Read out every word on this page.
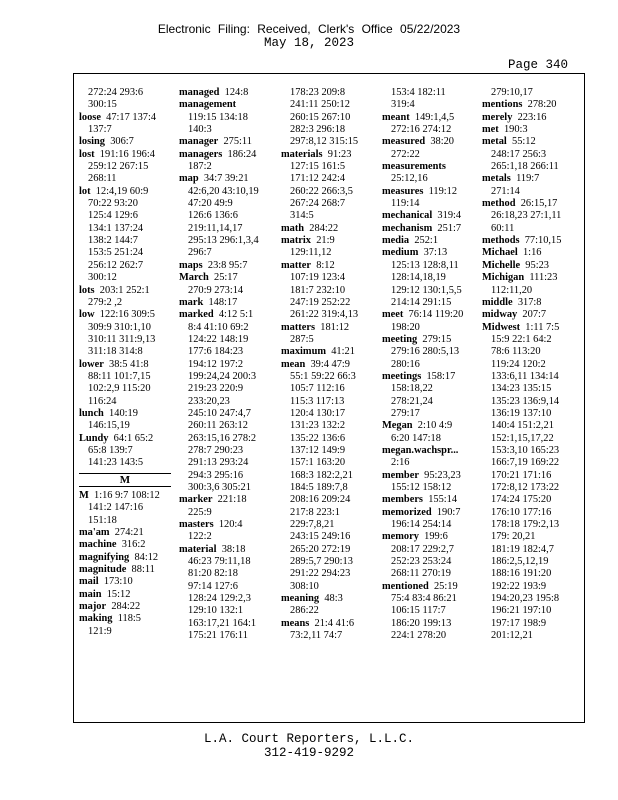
Electronic Filing: Received, Clerk's Office 05/22/2023
May 18, 2023
Page 340
272:24 293:6
300:15
loose 47:17 137:4
137:7
losing 306:7
lost 191:16 196:4
259:12 267:15
268:11
lot 12:4,19 60:9
70:22 93:20
125:4 129:6
134:1 137:24
138:2 144:7
153:5 251:24
256:12 262:7
300:12
lots 203:1 252:1
279:2 ,2
low 122:16 309:5
309:9 310:1,10
310:11 311:9,13
311:18 314:8
lower 38:5 41:8
88:11 101:7,15
102:2,9 115:20
116:24
lunch 140:19
146:15,19
Lundy 64:1 65:2
65:8 139:7
141:23 143:5
M
M 1:16 9:7 108:12
141:2 147:16
151:18
ma'am 274:21
machine 316:2
magnifying 84:12
magnitude 88:11
mail 173:10
main 15:12
major 284:22
making 118:5
121:9
managed 124:8
management
119:15 134:18
140:3
manager 275:11
managers 186:24
187:2
map 34:7 39:21
42:6,20 43:10,19
47:20 49:9
126:6 136:6
219:11,14,17
295:13 296:1,3,4
296:7
maps 23:8 95:7
March 25:17
270:9 273:14
mark 148:17
marked 4:12 5:1
8:4 41:10 69:2
124:22 148:19
177:6 184:23
194:12 197:2
199:24,24 200:3
219:23 220:9
233:20,23
245:10 247:4,7
260:11 263:12
263:15,16 278:2
278:7 290:23
291:13 293:24
294:3 295:16
300:3,6 305:21
marker 221:18
225:9
masters 120:4
122:2
material 38:18
46:23 79:11,18
81:20 82:18
97:14 127:6
128:24 129:2,3
129:10 132:1
163:17,21 164:1
175:21 176:11
178:23 209:8
241:11 250:12
260:15 267:10
282:3 296:18
297:8,12 315:15
materials 91:23
127:15 161:5
171:12 242:4
260:22 266:3,5
267:24 268:7
314:5
math 284:22
matrix 21:9
129:11,12
matter 8:12
107:19 123:4
181:7 232:10
247:19 252:22
261:22 319:4,13
matters 181:12
287:5
maximum 41:21
mean 39:4 47:9
55:1 59:22 66:3
105:7 112:16
115:3 117:13
120:4 130:17
131:23 132:2
135:22 136:6
137:12 149:9
157:1 163:20
168:3 182:2,21
184:5 189:7,8
208:16 209:24
217:8 223:1
229:7,8,21
243:15 249:16
265:20 272:19
289:5,7 290:13
291:22 294:23
308:10
meaning 48:3
286:22
means 21:4 41:6
73:2,11 74:7
153:4 182:11
319:4
meant 149:1,4,5
272:16 274:12
measured 38:20
272:22
measurements
25:12,16
measures 119:12
119:14
mechanical 319:4
mechanism 251:7
media 252:1
medium 37:13
125:13 128:8,11
128:14,18,19
129:12 130:1,5,5
214:14 291:15
meet 76:14 119:20
198:20
meeting 279:15
279:16 280:5,13
280:16
meetings 158:17
158:18,22
278:21,24
279:17
Megan 2:10 4:9
6:20 147:18
megan.wachspr...
2:16
member 95:23,23
155:12 158:12
members 155:14
memorized 190:7
196:14 254:14
memory 199:6
208:17 229:2,7
252:23 253:24
268:11 270:19
mentioned 25:19
75:4 83:4 86:21
106:15 117:7
186:20 199:13
224:1 278:20
279:10,17
mentions 278:20
merely 223:16
met 190:3
metal 55:12
248:17 256:3
265:1,18 266:11
metals 119:7
271:14
method 26:15,17
26:18,23 27:1,11
60:11
methods 77:10,15
Michael 1:16
Michelle 95:23
Michigan 111:23
112:11,20
middle 317:8
midway 207:7
Midwest 1:11 7:5
15:9 22:1 64:2
78:6 113:20
119:24 120:2
133:6,11 134:14
134:23 135:15
135:23 136:9,14
136:19 137:10
140:4 151:2,21
152:1,15,17,22
153:3,10 165:23
166:7,19 169:22
170:21 171:16
172:8,12 173:22
174:24 175:20
176:10 177:16
178:18 179:2,13
179: 20,21
181:19 182:4,7
186:2,5,12,19
188:16 191:20
192:22 193:9
194:20,23 195:8
196:21 197:10
197:17 198:9
201:12,21
L.A. Court Reporters, L.L.C.
312-419-9292
